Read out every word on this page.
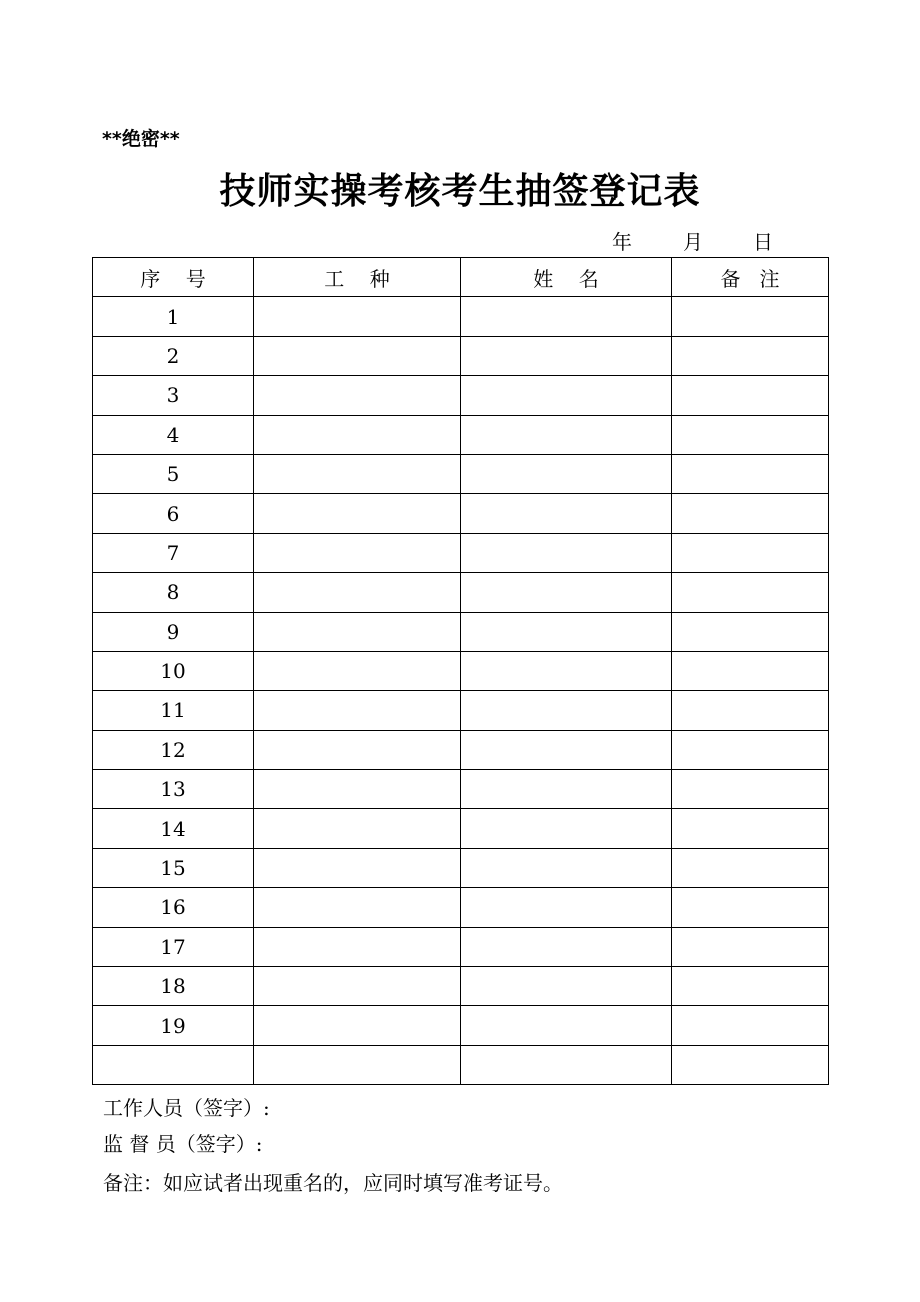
**绝密**
技师实操考核考生抽签登记表
年	月	日
序    号	工    种	姓    名	备   注
1			
2			
3			
4			
5			
6			
7			
8			
9			
10			
11			
12			
13			
14			
15			
16			
17			
18			
19			

工作人员（签字）:
监 督 员（签字）:
备注：如应试者出现重名的，应同时填写准考证号。
